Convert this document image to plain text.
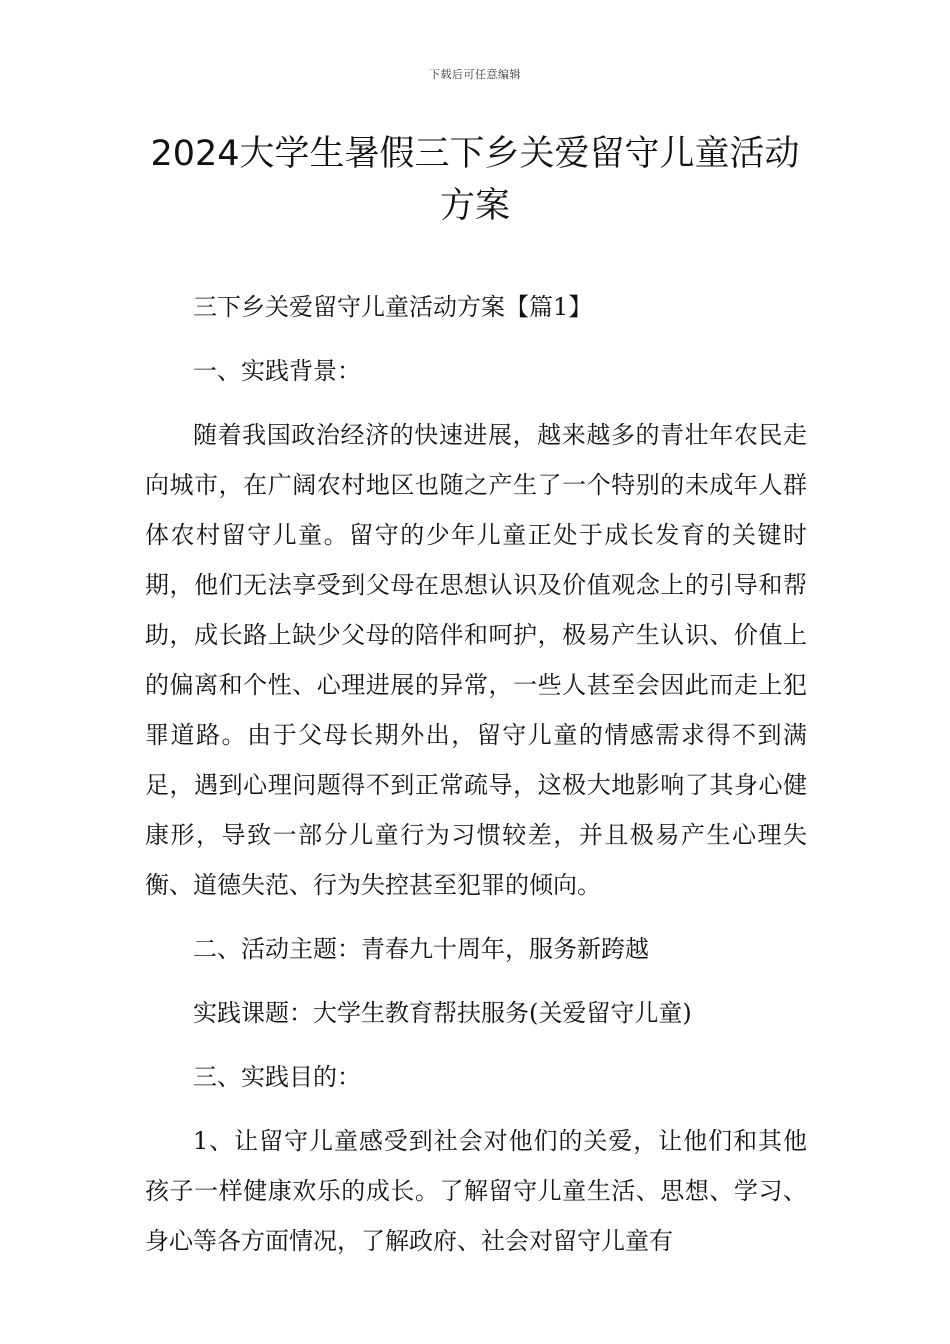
下载后可任意编辑
2024大学生暑假三下乡关爱留守儿童活动
方案

三下乡关爱留守儿童活动方案【篇1】

一、实践背景：

随着我国政治经济的快速进展，越来越多的青壮年农民走向城市，在广阔农村地区也随之产生了一个特别的未成年人群体农村留守儿童。留守的少年儿童正处于成长发育的关键时期，他们无法享受到父母在思想认识及价值观念上的引导和帮助，成长路上缺少父母的陪伴和呵护，极易产生认识、价值上的偏离和个性、心理进展的异常，一些人甚至会因此而走上犯罪道路。由于父母长期外出，留守儿童的情感需求得不到满足，遇到心理问题得不到正常疏导，这极大地影响了其身心健康形，导致一部分儿童行为习惯较差，并且极易产生心理失衡、道德失范、行为失控甚至犯罪的倾向。

二、活动主题：青春九十周年，服务新跨越

实践课题：大学生教育帮扶服务(关爱留守儿童)

三、实践目的：

1、让留守儿童感受到社会对他们的关爱，让他们和其他孩子一样健康欢乐的成长。了解留守儿童生活、思想、学习、身心等各方面情况，了解政府、社会对留守儿童有
